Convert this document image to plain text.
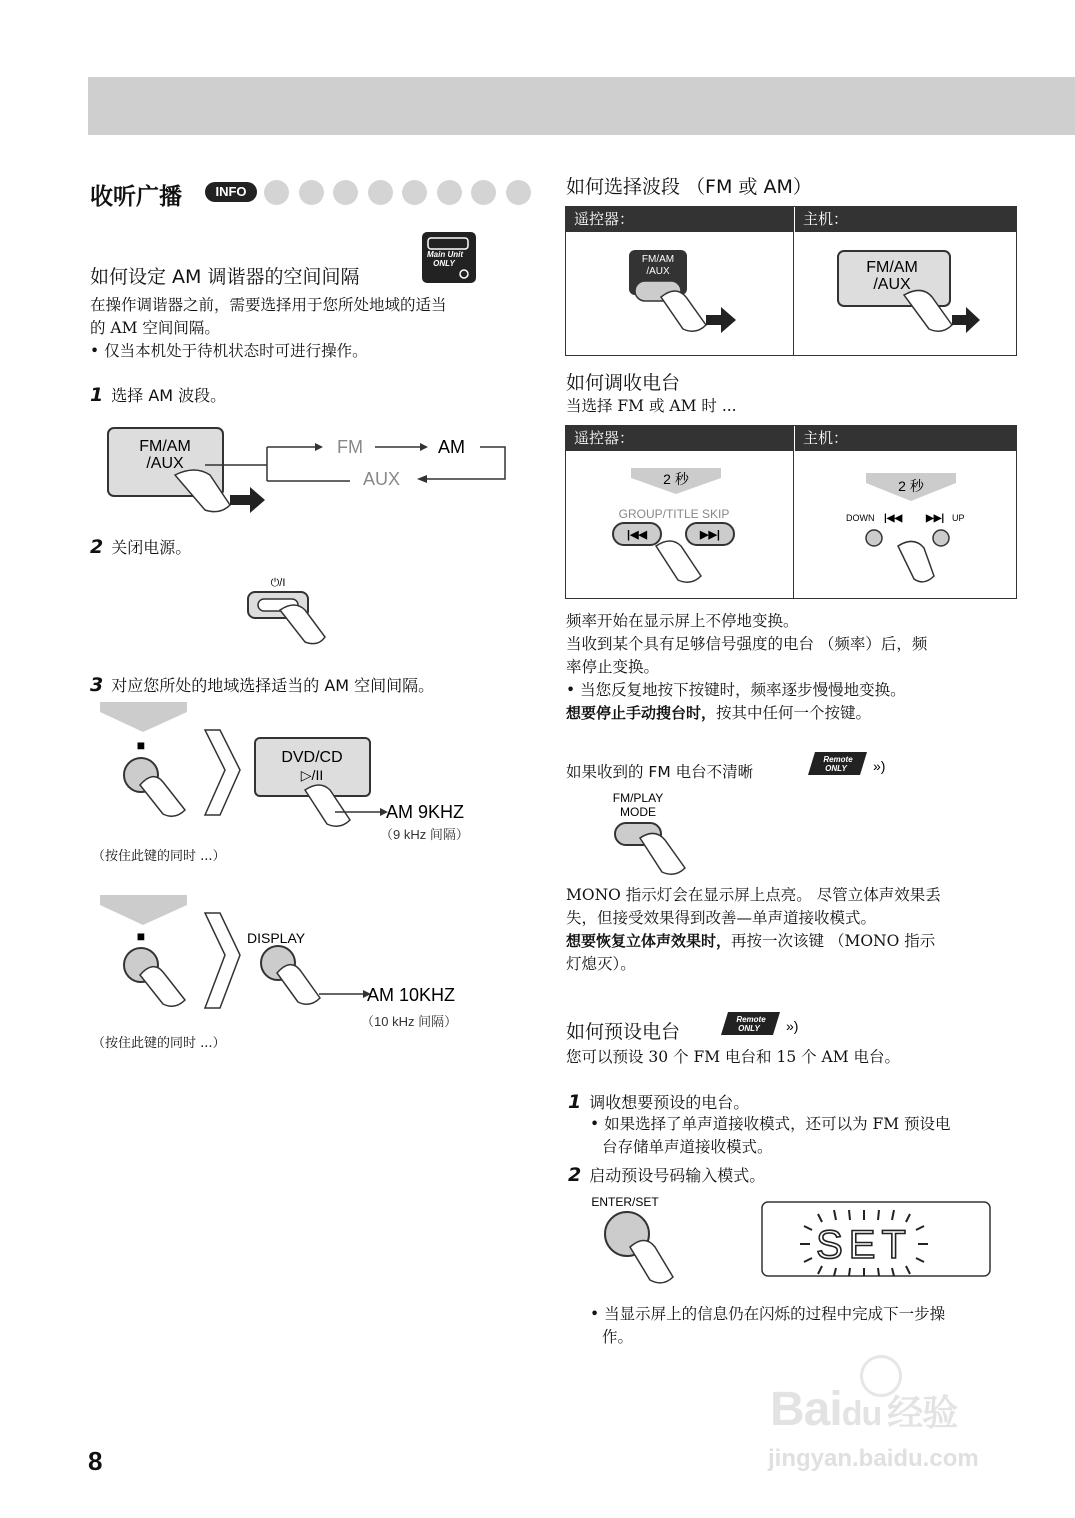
收听广播	INFO
如何设定 AM 调谐器的空间间隔
Main Unit
ONLY
在操作调谐器之前，需要选择用于您所处地域的适当
的 AM 空间间隔。
• 仅当本机处于待机状态时可进行操作。
1 选择 AM 波段。
FM/AM
/AUX
FM	AM
AUX
2 关闭电源。
⏻/I
3 对应您所处的地域选择适当的 AM 空间间隔。
■
DVD/CD
▷/II
AM 9KHZ
（9 kHz 间隔）
（按住此键的同时 ...）
■	DISPLAY
AM 10KHZ
（10 kHz 间隔）
（按住此键的同时 ...）
如何选择波段 （FM 或 AM）
遥控器：	主机：
FM/AM
/AUX	FM/AM
/AUX
如何调收电台
当选择 FM 或 AM 时 ...
遥控器：	主机：
2 秒
GROUP/TITLE SKIP
|◀◀	▶▶|
2 秒
DOWN |◀◀ ▶▶| UP
频率开始在显示屏上不停地变换。
当收到某个具有足够信号强度的电台 （频率）后，频
率停止变换。
• 当您反复地按下按键时，频率逐步慢慢地变换。
想要停止手动搜台时，按其中任何一个按键。
如果收到的 FM 电台不清晰
Remote
ONLY »)
FM/PLAY
MODE
MONO 指示灯会在显示屏上点亮。 尽管立体声效果丢
失，但接受效果得到改善—单声道接收模式。
想要恢复立体声效果时，再按一次该键 （MONO 指示
灯熄灭）。
如何预设电台
Remote
ONLY »)
您可以预设 30 个 FM 电台和 15 个 AM 电台。
1 调收想要预设的电台。
• 如果选择了单声道接收模式，还可以为 FM 预设电
台存储单声道接收模式。
2 启动预设号码输入模式。
ENTER/SET
SET
• 当显示屏上的信息仍在闪烁的过程中完成下一步操
作。
Baidu 经验
jingyan.baidu.com
8
